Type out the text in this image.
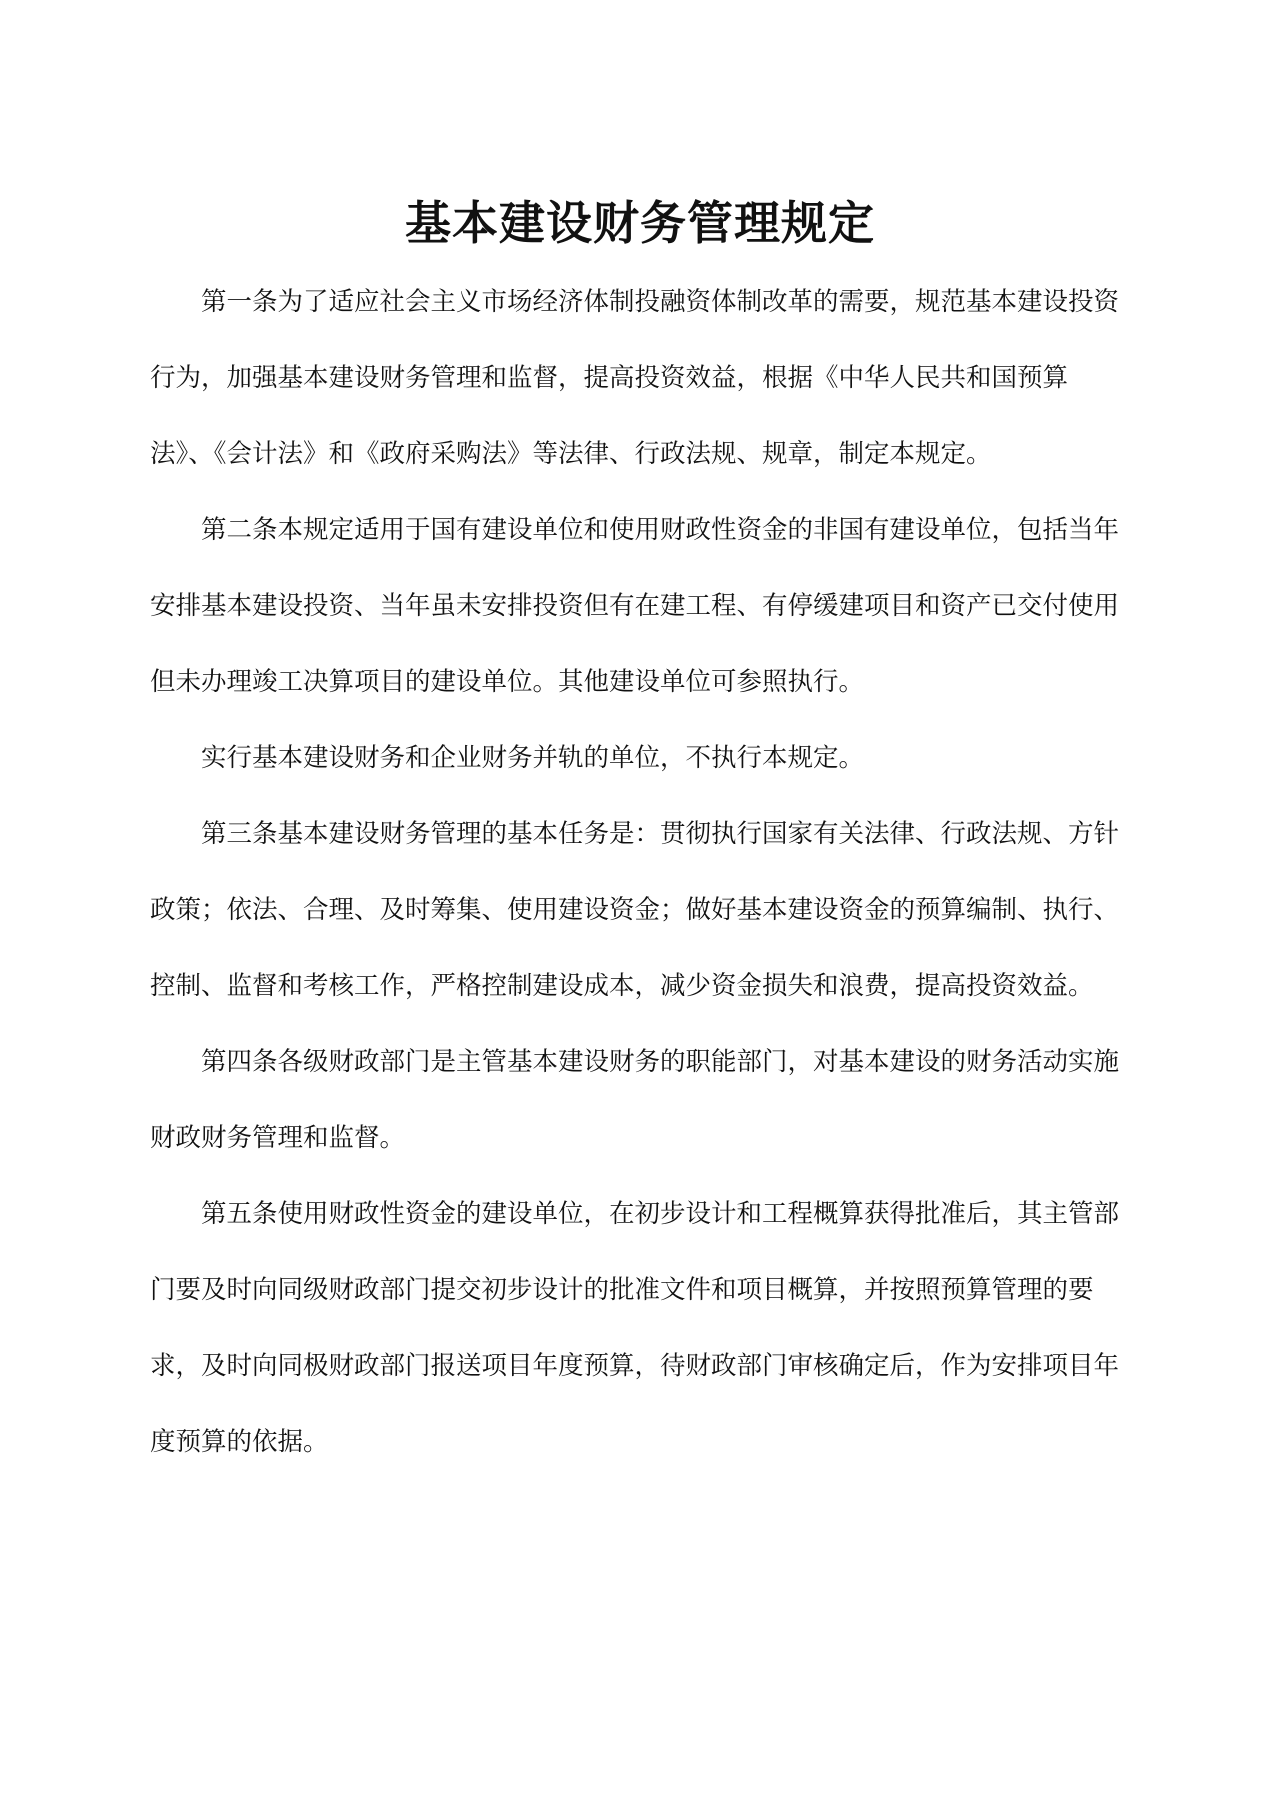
基本建设财务管理规定

　　第一条为了适应社会主义市场经济体制投融资体制改革的需要，规范基本建设投资

行为，加强基本建设财务管理和监督，提高投资效益，根据《中华人民共和国预算

法》、《会计法》和《政府采购法》等法律、行政法规、规章，制定本规定。

　　第二条本规定适用于国有建设单位和使用财政性资金的非国有建设单位，包括当年

安排基本建设投资、当年虽未安排投资但有在建工程、有停缓建项目和资产已交付使用

但未办理竣工决算项目的建设单位。其他建设单位可参照执行。

　　实行基本建设财务和企业财务并轨的单位，不执行本规定。

　　第三条基本建设财务管理的基本任务是：贯彻执行国家有关法律、行政法规、方针

政策；依法、合理、及时筹集、使用建设资金；做好基本建设资金的预算编制、执行、

控制、监督和考核工作，严格控制建设成本，减少资金损失和浪费，提高投资效益。

　　第四条各级财政部门是主管基本建设财务的职能部门，对基本建设的财务活动实施

财政财务管理和监督。

　　第五条使用财政性资金的建设单位，在初步设计和工程概算获得批准后，其主管部

门要及时向同级财政部门提交初步设计的批准文件和项目概算，并按照预算管理的要

求，及时向同极财政部门报送项目年度预算，待财政部门审核确定后，作为安排项目年

度预算的依据。
